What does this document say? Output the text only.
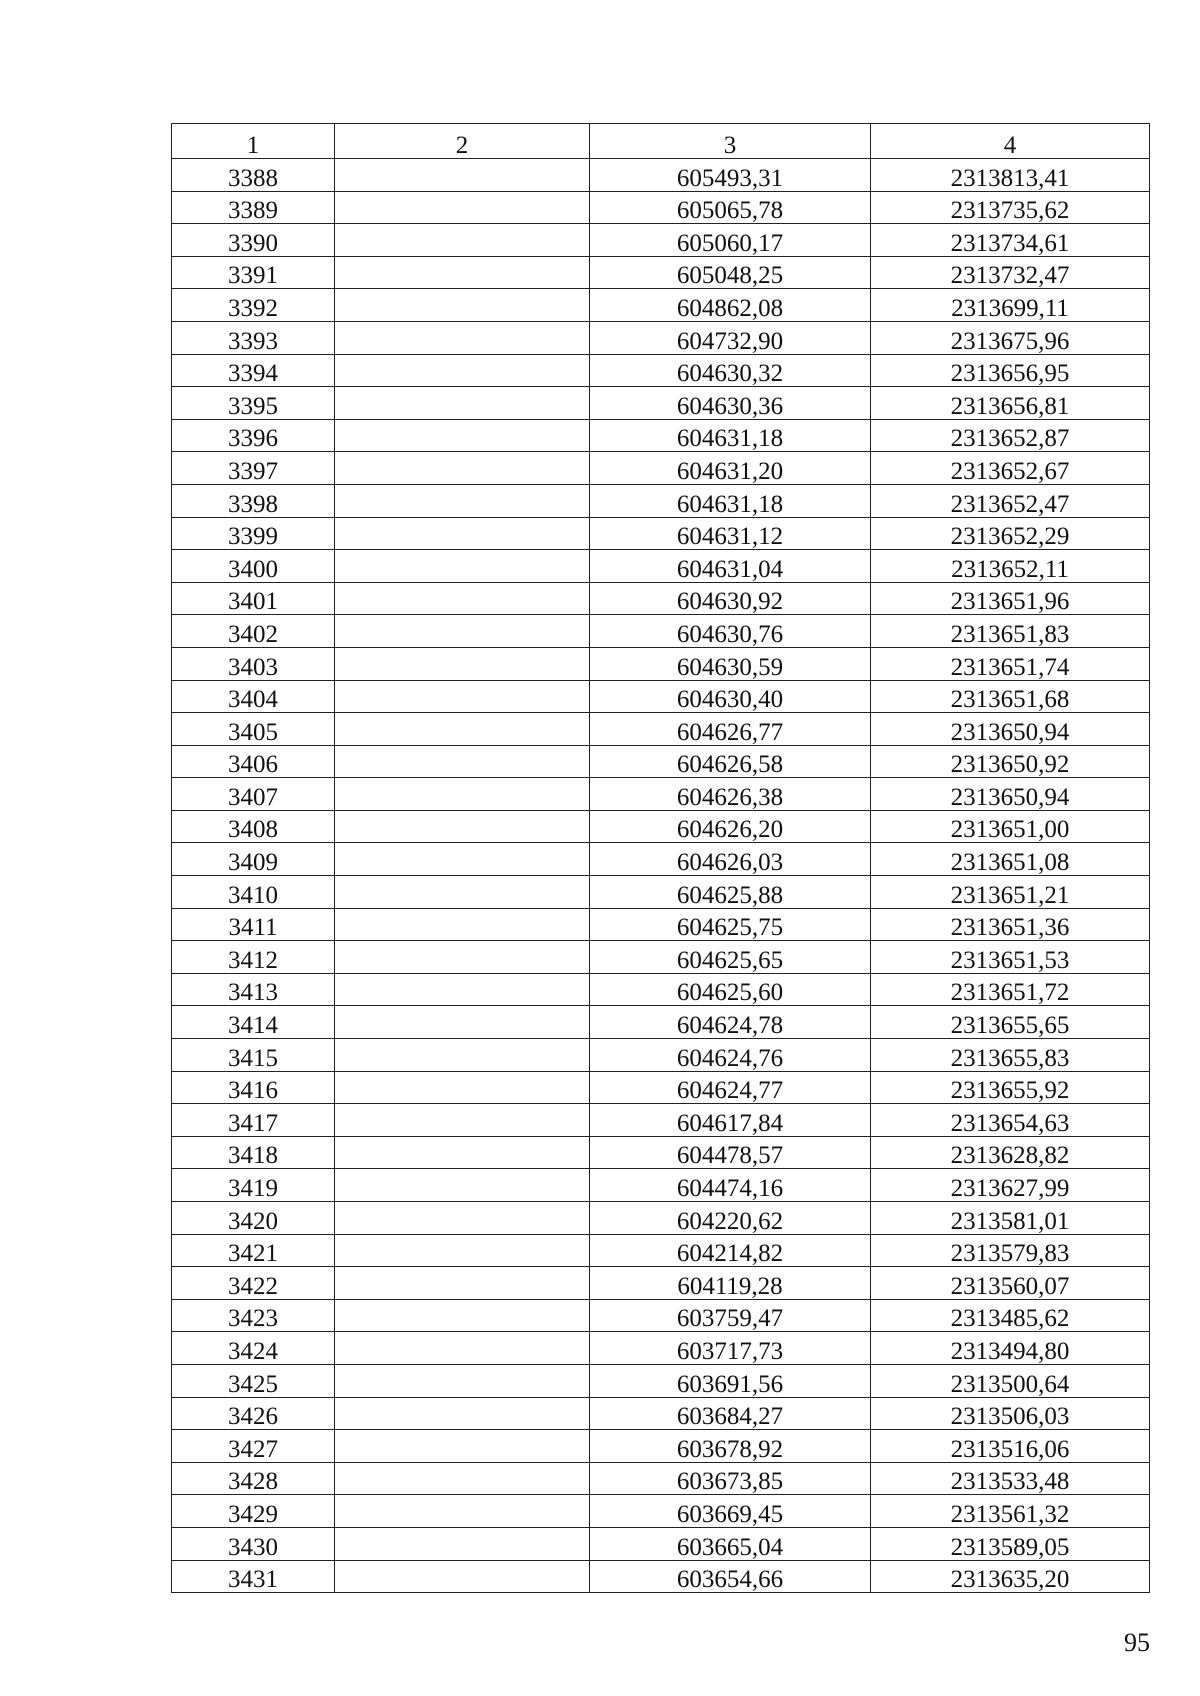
1	2	3	4
3388		605493,31	2313813,41
3389		605065,78	2313735,62
3390		605060,17	2313734,61
3391		605048,25	2313732,47
3392		604862,08	2313699,11
3393		604732,90	2313675,96
3394		604630,32	2313656,95
3395		604630,36	2313656,81
3396		604631,18	2313652,87
3397		604631,20	2313652,67
3398		604631,18	2313652,47
3399		604631,12	2313652,29
3400		604631,04	2313652,11
3401		604630,92	2313651,96
3402		604630,76	2313651,83
3403		604630,59	2313651,74
3404		604630,40	2313651,68
3405		604626,77	2313650,94
3406		604626,58	2313650,92
3407		604626,38	2313650,94
3408		604626,20	2313651,00
3409		604626,03	2313651,08
3410		604625,88	2313651,21
3411		604625,75	2313651,36
3412		604625,65	2313651,53
3413		604625,60	2313651,72
3414		604624,78	2313655,65
3415		604624,76	2313655,83
3416		604624,77	2313655,92
3417		604617,84	2313654,63
3418		604478,57	2313628,82
3419		604474,16	2313627,99
3420		604220,62	2313581,01
3421		604214,82	2313579,83
3422		604119,28	2313560,07
3423		603759,47	2313485,62
3424		603717,73	2313494,80
3425		603691,56	2313500,64
3426		603684,27	2313506,03
3427		603678,92	2313516,06
3428		603673,85	2313533,48
3429		603669,45	2313561,32
3430		603665,04	2313589,05
3431		603654,66	2313635,20
95
